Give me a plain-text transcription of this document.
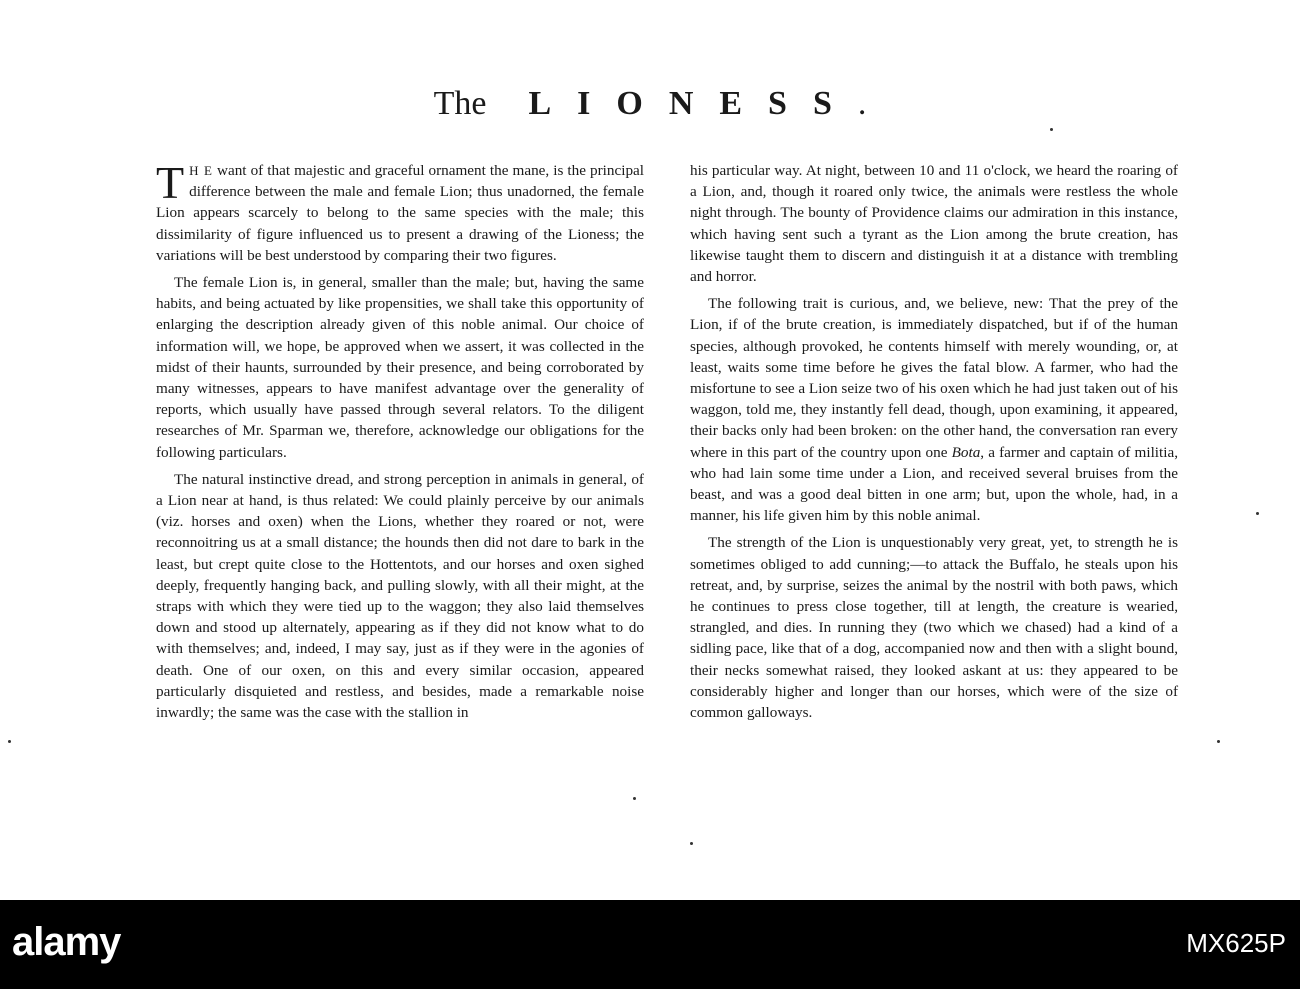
The LIONESS.

T H E want of that majestic and graceful ornament the mane, is the principal difference between the male and female Lion; thus unadorned, the female Lion appears scarcely to belong to the same species with the male; this dissimilarity of figure influenced us to present a drawing of the Lioness; the variations will be best understood by comparing their two figures.

The female Lion is, in general, smaller than the male; but, having the same habits, and being actuated by like propensities, we shall take this opportunity of enlarging the description already given of this noble animal. Our choice of information will, we hope, be approved when we assert, it was collected in the midst of their haunts, surrounded by their presence, and being corroborated by many witnesses, appears to have manifest advantage over the generality of reports, which usually have passed through several relators. To the diligent researches of Mr. Sparman we, therefore, acknowledge our obligations for the following particulars.

The natural instinctive dread, and strong perception in animals in general, of a Lion near at hand, is thus related: We could plainly perceive by our animals (viz. horses and oxen) when the Lions, whether they roared or not, were reconnoitring us at a small distance; the hounds then did not dare to bark in the least, but crept quite close to the Hottentots, and our horses and oxen sighed deeply, frequently hanging back, and pulling slowly, with all their might, at the straps with which they were tied up to the waggon; they also laid themselves down and stood up alternately, appearing as if they did not know what to do with themselves; and, indeed, I may say, just as if they were in the agonies of death. One of our oxen, on this and every similar occasion, appeared particularly disquieted and restless, and besides, made a remarkable noise inwardly; the same was the case with the stallion in

his particular way. At night, between 10 and 11 o'clock, we heard the roaring of a Lion, and, though it roared only twice, the animals were restless the whole night through. The bounty of Providence claims our admiration in this instance, which having sent such a tyrant as the Lion among the brute creation, has likewise taught them to discern and distinguish it at a distance with trembling and horror.

The following trait is curious, and, we believe, new: That the prey of the Lion, if of the brute creation, is immediately dispatched, but if of the human species, although provoked, he contents himself with merely wounding, or, at least, waits some time before he gives the fatal blow. A farmer, who had the misfortune to see a Lion seize two of his oxen which he had just taken out of his waggon, told me, they instantly fell dead, though, upon examining, it appeared, their backs only had been broken: on the other hand, the conversation ran every where in this part of the country upon one Bota, a farmer and captain of militia, who had lain some time under a Lion, and received several bruises from the beast, and was a good deal bitten in one arm; but, upon the whole, had, in a manner, his life given him by this noble animal.

The strength of the Lion is unquestionably very great, yet, to strength he is sometimes obliged to add cunning;—to attack the Buffalo, he steals upon his retreat, and, by surprise, seizes the animal by the nostril with both paws, which he continues to press close together, till at length, the creature is wearied, strangled, and dies. In running they (two which we chased) had a kind of a sidling pace, like that of a dog, accompanied now and then with a slight bound, their necks somewhat raised, they looked askant at us: they appeared to be considerably higher and longer than our horses, which were of the size of common galloways.

alamy	MX625P
